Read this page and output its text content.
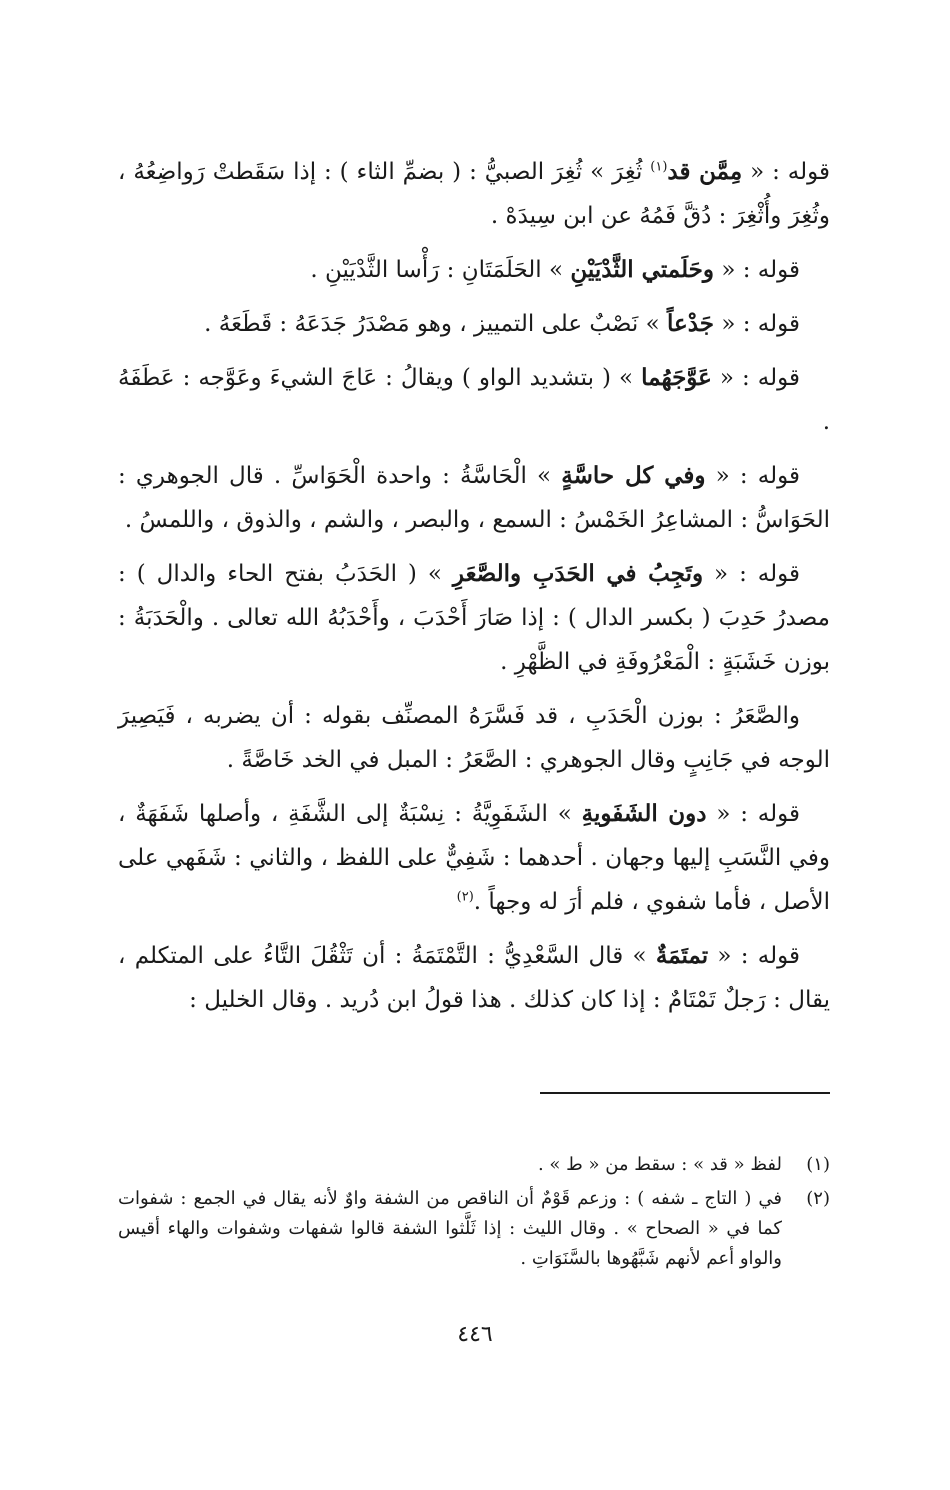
قوله : « مِمَّن قد$^{(١)}$ ثُغِرَ » ثُغِرَ الصبيُّ : ( بضمِّ الثاء ) : إذا سَقَطتْ رَواضِعُهُ ، وثُغِرَ وأُثْغِرَ : دُقَّ فَمُهُ عن ابن سِيدَهْ .

قوله : « وحَلَمتي الثَّدْيَيْنِ » الحَلَمَتَانِ : رَأْسا الثَّدْيَيْنِ .

قوله : « جَدْعاً » نَصْبٌ على التمييز ، وهو مَصْدَرُ جَدَعَهُ : قَطَعَهُ .

قوله : « عَوَّجَهُما » ( بتشديد الواو ) ويقالُ : عَاجَ الشيءَ وعَوَّجه : عَطَفَهُ .

قوله : « وفي كل حاسَّةٍ » الْحَاسَّةُ : واحدة الْحَوَاسِّ . قال الجوهري : الحَوَاسُّ : المشاعِرُ الخَمْسُ : السمع ، والبصر ، والشم ، والذوق ، واللمسُ .

قوله : « وتَجِبُ في الحَدَبِ والصَّعَرِ » ( الحَدَبُ بفتح الحاء والدال ) : مصدرُ حَدِبَ ( بكسر الدال ) : إذا صَارَ أَحْدَبَ ، وأَحْدَبُهُ الله تعالى . والْحَدَبَةُ : بوزن خَشَبَةٍ : الْمَعْرُوفَةِ في الظَّهْرِ .

والصَّعَرُ : بوزن الْحَدَبِ ، قد فَسَّرَهُ المصنِّف بقوله : أن يضربه ، فَيَصِيرَ الوجه في جَانِبٍ وقال الجوهري : الصَّعَرُ : المبل في الخد خَاصَّةً .

قوله : « دون الشَفَويةِ » الشَفَوِيَّةُ : نِسْبَةٌ إلى الشَّفَةِ ، وأصلها شَفَهَةٌ ، وفي النَّسَبِ إليها وجهان . أحدهما : شَفِيٌّ على اللفظ ، والثاني : شَفَهي على الأصل ، فأما شفوي ، فلم أرَ له وجهاً .$^{(٢)}$

قوله : « تمتَمَةٌ » قال السَّعْدِيُّ : التَّمْتَمَةُ : أن تَثْقُلَ التَّاءُ على المتكلم ، يقال : رَجلٌ تَمْتَامٌ : إذا كان كذلك . هذا قولُ ابن دُريد . وقال الخليل :

(١)
لفظ « قد » : سقط من « ط » .
(٢)
في ( التاج ـ شفه ) : وزعم قَوْمٌ أن الناقص من الشفة واوٌ لأنه يقال في الجمع : شفوات كما في « الصحاح » . وقال الليث : إذا ثَلَّثوا الشفة قالوا شفهات وشفوات والهاء أقيس والواو أعم لأنهم شَبَّهُوها بالسَّنَوَاتِ .
٤٤٦
